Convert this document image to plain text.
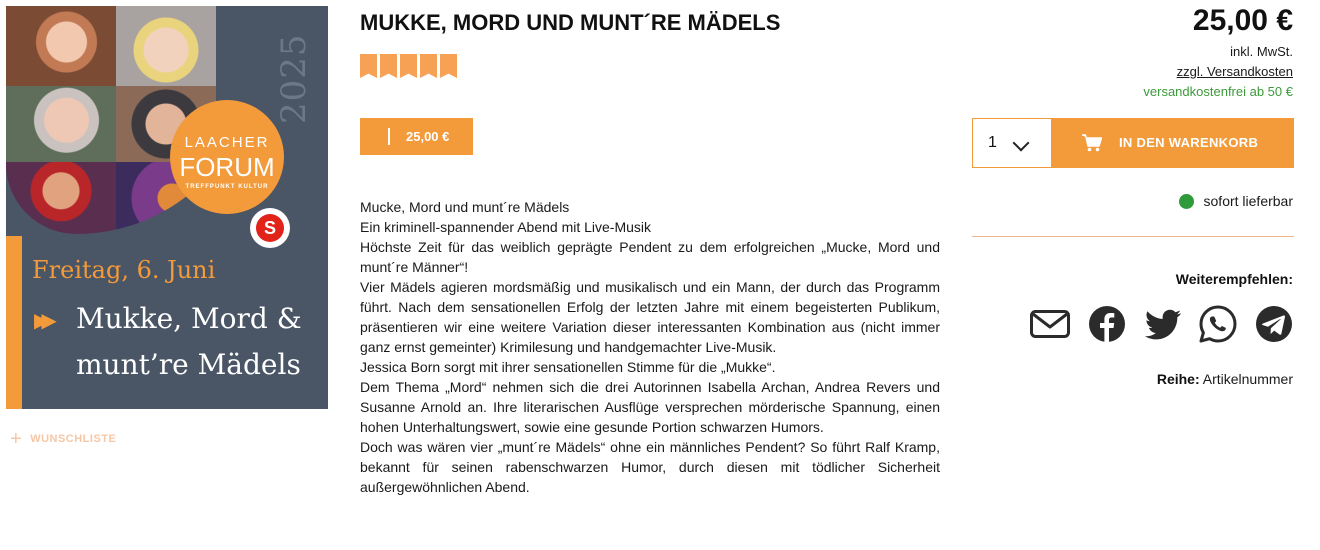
2025
LAACHER
FORUM
TREFFPUNKT KULTUR
S
Freitag, 6. Juni
▶▶ Mukke, Mord &
munt’re Mädels
+ WUNSCHLISTE
MUKKE, MORD UND MUNT´RE MÄDELS
25,00 €

Mucke, Mord und munt´re Mädels

Ein kriminell-spannender Abend mit Live-Musik

Höchste Zeit für das weiblich geprägte Pendent zu dem erfolgreichen „Mucke, Mord und munt´re Männer“!

Vier Mädels agieren mordsmäßig und musikalisch und ein Mann, der durch das Programm führt. Nach dem sensationellen Erfolg der letzten Jahre mit einem begeisterten Publikum, präsentieren wir eine weitere Variation dieser interessanten Kombination aus (nicht immer ganz ernst gemeinter) Krimilesung und handgemachter Live-Musik.

Jessica Born sorgt mit ihrer sensationellen Stimme für die „Mukke“.

Dem Thema „Mord“ nehmen sich die drei Autorinnen Isabella Archan, Andrea Revers und Susanne Arnold an. Ihre literarischen Ausflüge versprechen mörderische Spannung, einen hohen Unterhaltungswert, sowie eine gesunde Portion schwarzen Humors.

Doch was wären vier „munt´re Mädels“ ohne ein männliches Pendent? So führt Ralf Kramp, bekannt für seinen rabenschwarzen Humor, durch diesen mit tödlicher Sicherheit außergewöhnlichen Abend.

25,00 €
inkl. MwSt.
zzgl. Versandkosten
versandkostenfrei ab 50 €
1	IN DEN WARENKORB
sofort lieferbar
Weiterempfehlen:
Reihe: Artikelnummer
